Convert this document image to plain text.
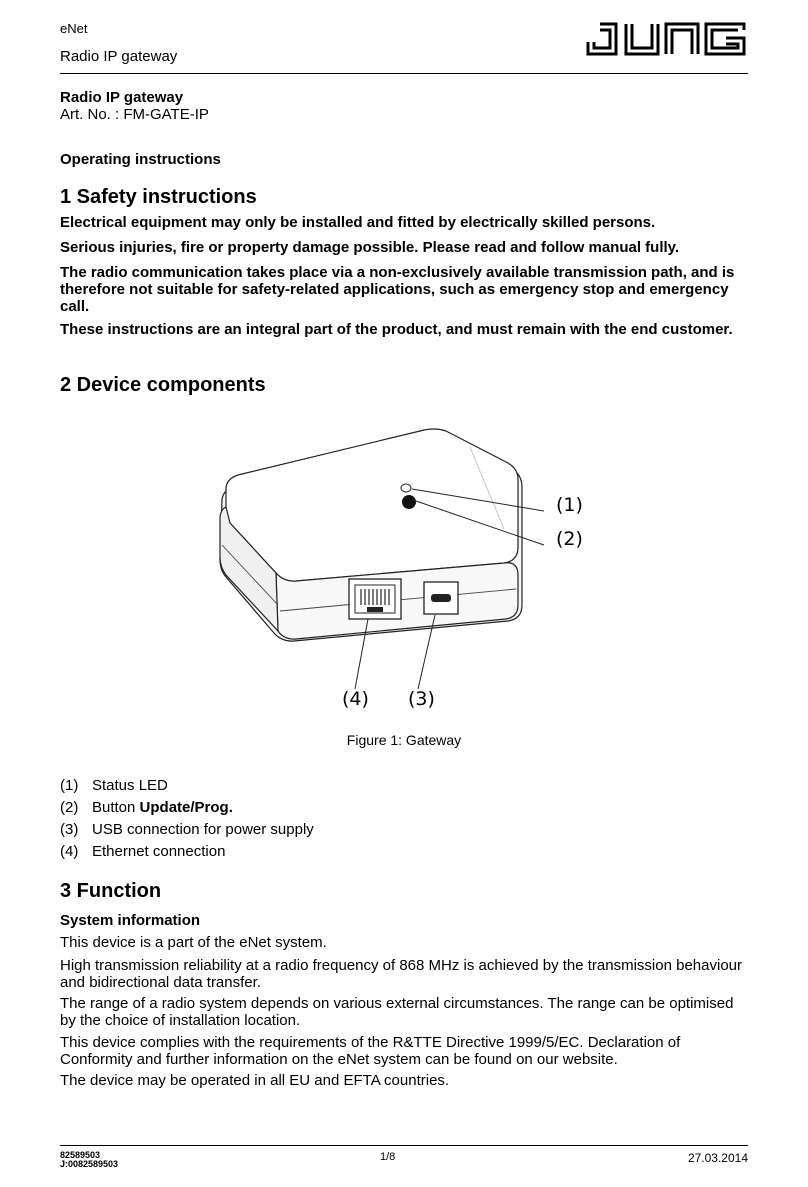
eNet
Radio IP gateway
Radio IP gateway
Art. No. : FM-GATE-IP
Operating instructions
1 Safety instructions
Electrical equipment may only be installed and fitted by electrically skilled persons.
Serious injuries, fire or property damage possible. Please read and follow manual fully.
The radio communication takes place via a non-exclusively available transmission path, and is therefore not suitable for safety-related applications, such as emergency stop and emergency call.
These instructions are an integral part of the product, and must remain with the end customer.
2 Device components
(1)
(2)
(4) (3)
Figure 1: Gateway
(1) Status LED
(2) Button Update/Prog.
(3) USB connection for power supply
(4) Ethernet connection
3 Function
System information
This device is a part of the eNet system.
High transmission reliability at a radio frequency of 868 MHz is achieved by the transmission behaviour and bidirectional data transfer.
The range of a radio system depends on various external circumstances. The range can be optimised by the choice of installation location.
This device complies with the requirements of the R&TTE Directive 1999/5/EC. Declaration of Conformity and further information on the eNet system can be found on our website.
The device may be operated in all EU and EFTA countries.
82589503
J:0082589503
1/8	27.03.2014
